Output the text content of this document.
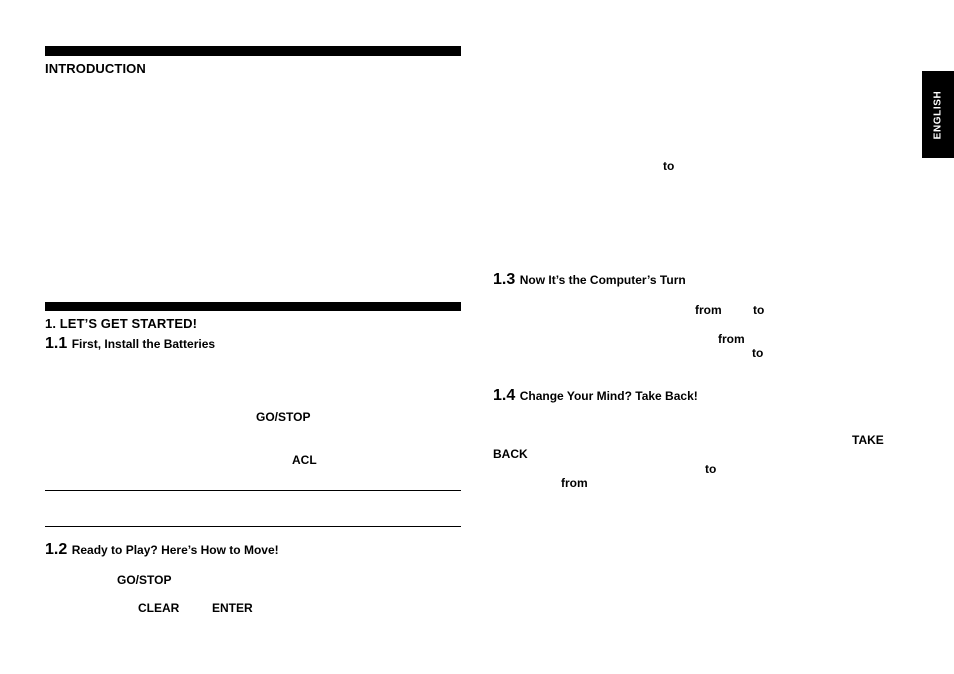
INTRODUCTION
1. LET’S GET STARTED!
1.1 First, Install the Batteries
GO/STOP
ACL
1.2 Ready to Play? Here’s How to Move!
GO/STOP
CLEAR	ENTER
to
1.3 Now It’s the Computer’s Turn
from	to
from
to
1.4 Change Your Mind? Take Back!
TAKE
BACK
to
from
ENGLISH
